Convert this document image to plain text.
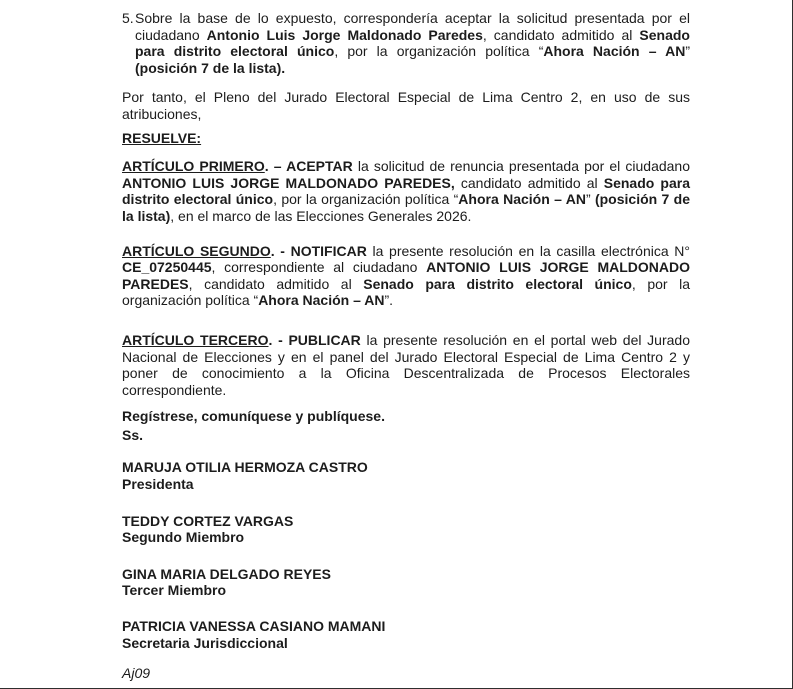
5. Sobre la base de lo expuesto, correspondería aceptar la solicitud presentada por el ciudadano Antonio Luis Jorge Maldonado Paredes, candidato admitido al Senado para distrito electoral único, por la organización política “Ahora Nación – AN” (posición 7 de la lista).
Por tanto, el Pleno del Jurado Electoral Especial de Lima Centro 2, en uso de sus atribuciones,
RESUELVE:
ARTÍCULO PRIMERO. – ACEPTAR la solicitud de renuncia presentada por el ciudadano ANTONIO LUIS JORGE MALDONADO PAREDES, candidato admitido al Senado para distrito electoral único, por la organización política “Ahora Nación – AN” (posición 7 de la lista), en el marco de las Elecciones Generales 2026.
ARTÍCULO SEGUNDO. - NOTIFICAR la presente resolución en la casilla electrónica N° CE_07250445, correspondiente al ciudadano ANTONIO LUIS JORGE MALDONADO PAREDES, candidato admitido al Senado para distrito electoral único, por la organización política “Ahora Nación – AN”.
ARTÍCULO TERCERO. - PUBLICAR la presente resolución en el portal web del Jurado Nacional de Elecciones y en el panel del Jurado Electoral Especial de Lima Centro 2 y poner de conocimiento a la Oficina Descentralizada de Procesos Electorales correspondiente.
Regístrese, comuníquese y publíquese.
Ss.
MARUJA OTILIA HERMOZA CASTRO
Presidenta
TEDDY CORTEZ VARGAS
Segundo Miembro
GINA MARIA DELGADO REYES
Tercer Miembro
PATRICIA VANESSA CASIANO MAMANI
Secretaria Jurisdiccional
Aj09
